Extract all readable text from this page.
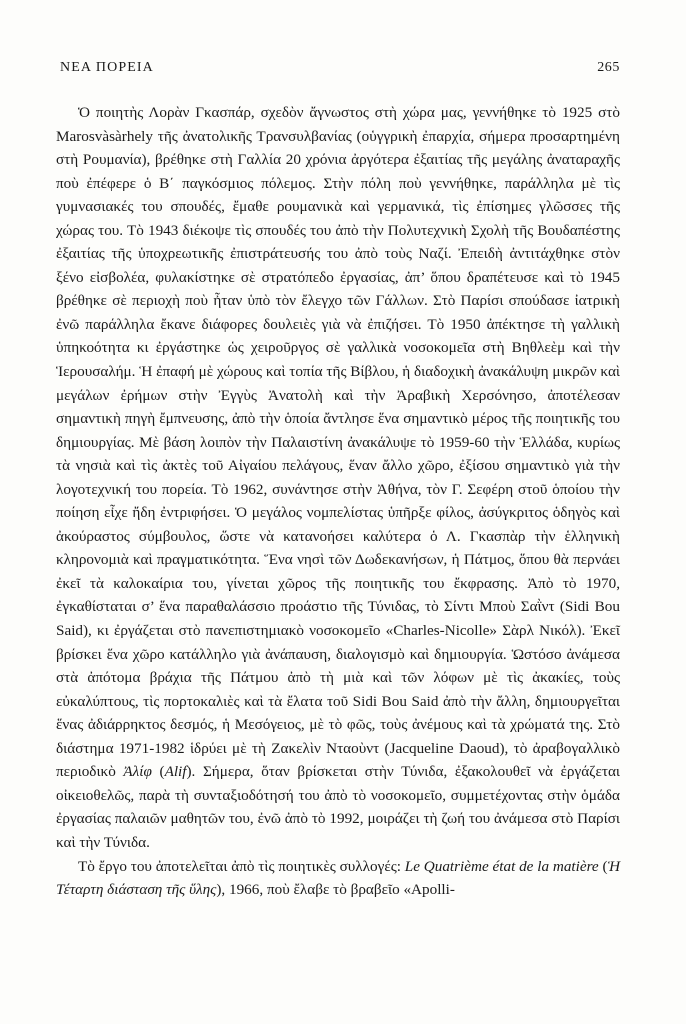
ΝΕΑ ΠΟΡΕΙΑ	265

Ὁ ποιητὴς Λορὰν Γκασπάρ, σχεδὸν ἄγνωστος στὴ χώρα μας, γεννήθηκε τὸ 1925 στὸ Marosvàsàrhely τῆς ἀνατολικῆς Τρανσυλβανίας (οὑγγρικὴ ἐπαρχία, σήμερα προσαρτημένη στὴ Ρουμανία), βρέθηκε στὴ Γαλλία 20 χρόνια ἀργότερα ἐξαιτίας τῆς μεγάλης ἀναταραχῆς ποὺ ἐπέφερε ὁ Β΄ παγκόσμιος πόλεμος. Στὴν πόλη ποὺ γεννήθηκε, παράλληλα μὲ τὶς γυμνασιακές του σπουδές, ἔμαθε ρουμανικὰ καὶ γερμανικά, τὶς ἐπίσημες γλῶσσες τῆς χώρας του. Τὸ 1943 διέκοψε τὶς σπουδές του ἀπὸ τὴν Πολυτεχνικὴ Σχολὴ τῆς Βουδαπέστης ἐξαιτίας τῆς ὑποχρεωτικῆς ἐπιστράτευσής του ἀπὸ τοὺς Ναζί. Ἐπειδὴ ἀντιτάχθηκε στὸν ξένο εἰσβολέα, φυλακίστηκε σὲ στρατόπεδο ἐργασίας, ἀπ’ ὅπου δραπέτευσε καὶ τὸ 1945 βρέθηκε σὲ περιοχὴ ποὺ ἦταν ὑπὸ τὸν ἔλεγχο τῶν Γάλλων. Στὸ Παρίσι σπούδασε ἰατρικὴ ἐνῶ παράλληλα ἔκανε διάφορες δουλειὲς γιὰ νὰ ἐπιζήσει. Τὸ 1950 ἀπέκτησε τὴ γαλλικὴ ὑπηκοότητα κι ἐργάστηκε ὡς χειροῦργος σὲ γαλλικὰ νοσοκομεῖα στὴ Βηθλεὲμ καὶ τὴν Ἱερουσαλήμ. Ἡ ἐπαφή μὲ χώρους καὶ τοπία τῆς Βίβλου, ἡ διαδοχικὴ ἀνακάλυψη μικρῶν καὶ μεγάλων ἐρήμων στὴν Ἐγγὺς Ἀνατολὴ καὶ τὴν Ἀραβικὴ Χερσόνησο, ἀποτέλεσαν σημαντικὴ πηγὴ ἔμπνευσης, ἀπὸ τὴν ὁποία ἄντλησε ἕνα σημαντικὸ μέρος τῆς ποιητικῆς του δημιουργίας. Μὲ βάση λοιπὸν τὴν Παλαιστίνη ἀνακάλυψε τὸ 1959-60 τὴν Ἑλλάδα, κυρίως τὰ νησιὰ καὶ τὶς ἀκτὲς τοῦ Αἰγαίου πελάγους, ἕναν ἄλλο χῶρο, ἐξίσου σημαντικὸ γιὰ τὴν λογοτεχνική του πορεία. Τὸ 1962, συνάντησε στὴν Ἀθήνα, τὸν Γ. Σεφέρη στοῦ ὁποίου τὴν ποίηση εἶχε ἤδη ἐντριφήσει. Ὁ μεγάλος νομπελίστας ὑπῆρξε φίλος, ἀσύγκριτος ὁδηγὸς καὶ ἀκούραστος σύμβουλος, ὥστε νὰ κατανοήσει καλύτερα ὁ Λ. Γκασπὰρ τὴν ἑλληνικὴ κληρονομιὰ καὶ πραγματικότητα. Ἕνα νησὶ τῶν Δωδεκανήσων, ἡ Πάτμος, ὅπου θὰ περνάει ἐκεῖ τὰ καλοκαίρια του, γίνεται χῶρος τῆς ποιητικῆς του ἔκφρασης. Ἀπὸ τὸ 1970, ἐγκαθίσταται σ’ ἕνα παραθαλάσσιο προάστιο τῆς Τύνιδας, τὸ Σίντι Μποὺ Σαῒντ (Sidi Bou Said), κι ἐργάζεται στὸ πανεπιστημιακὸ νοσοκομεῖο «Charles-Nicolle» Σὰρλ Νικόλ). Ἐκεῖ βρίσκει ἕνα χῶρο κατάλληλο γιὰ ἀνάπαυση, διαλογισμὸ καὶ δημιουργία. Ὡστόσο ἀνάμεσα στὰ ἀπότομα βράχια τῆς Πάτμου ἀπὸ τὴ μιὰ καὶ τῶν λόφων μὲ τὶς ἀκακίες, τοὺς εὐκαλύπτους, τὶς πορτοκαλιὲς καὶ τὰ ἔλατα τοῦ Sidi Bou Said ἀπὸ τὴν ἄλλη, δημιουργεῖται ἕνας ἀδιάρρηκτος δεσμός, ἡ Μεσόγειος, μὲ τὸ φῶς, τοὺς ἀνέμους καὶ τὰ χρώματά της. Στὸ διάστημα 1971-1982 ἱδρύει μὲ τὴ Ζακελὶν Νταοὺντ (Jacqueline Daoud), τὸ ἀραβογαλλικὸ περιοδικὸ Ἀλίφ (Alif). Σήμερα, ὅταν βρίσκεται στὴν Τύνιδα, ἐξακολουθεῖ νὰ ἐργάζεται οἰκειοθελῶς, παρὰ τὴ συνταξιοδότησή του ἀπὸ τὸ νοσοκομεῖο, συμμετέχοντας στὴν ὁμάδα ἐργασίας παλαιῶν μαθητῶν του, ἐνῶ ἀπὸ τὸ 1992, μοιράζει τὴ ζωή του ἀνάμεσα στὸ Παρίσι καὶ τὴν Τύνιδα.

Τὸ ἔργο του ἀποτελεῖται ἀπὸ τὶς ποιητικὲς συλλογές: Le Quatrième état de la matière (Ἡ Τέταρτη διάσταση τῆς ὕλης), 1966, ποὺ ἔλαβε τὸ βραβεῖο «Apolli-
